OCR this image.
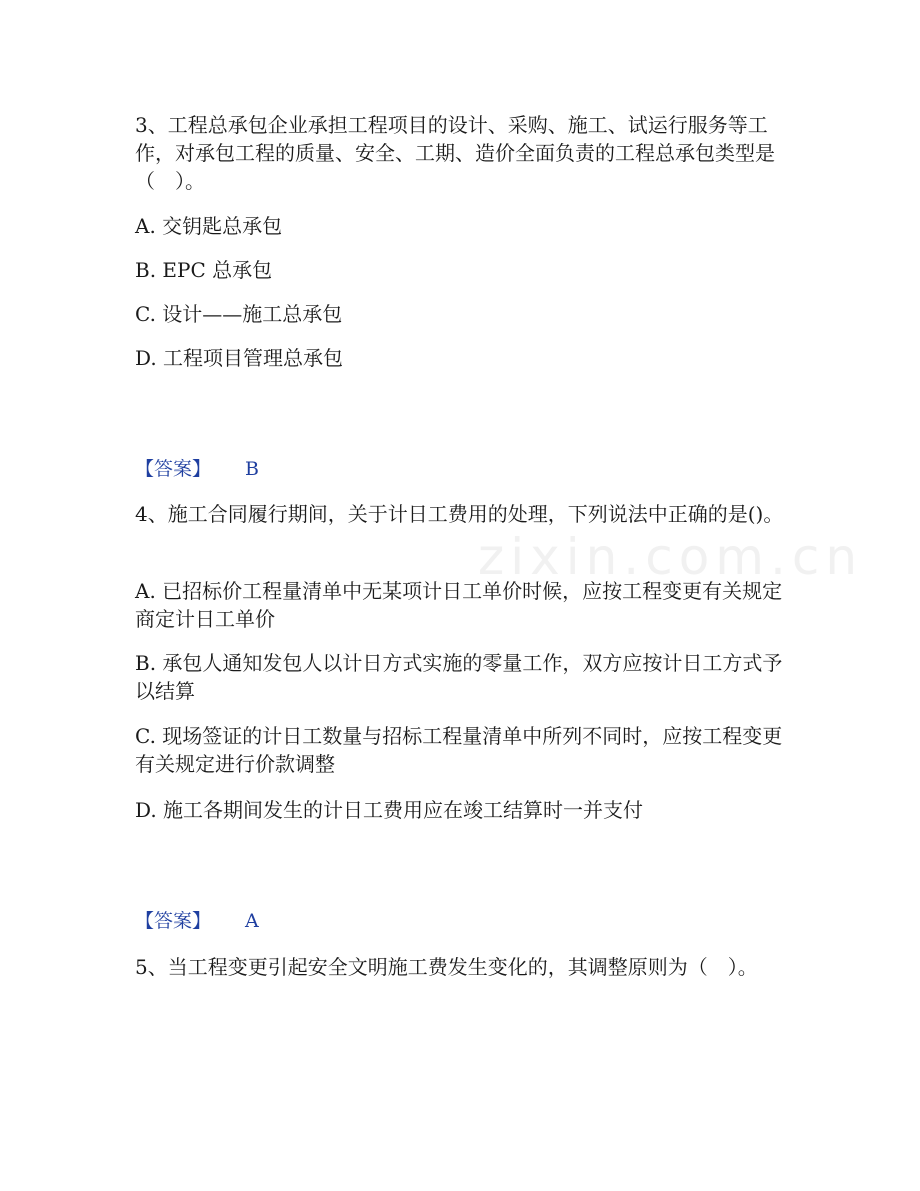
zixin.com.cn

3、工程总承包企业承担工程项目的设计、采购、施工、试运行服务等工作，对承包工程的质量、安全、工期、造价全面负责的工程总承包类型是（　）。

A. 交钥匙总承包

B. EPC 总承包

C. 设计——施工总承包

D. 工程项目管理总承包

【答案】 B

4、施工合同履行期间，关于计日工费用的处理，下列说法中正确的是()。

A. 已招标价工程量清单中无某项计日工单价时候，应按工程变更有关规定商定计日工单价

B. 承包人通知发包人以计日方式实施的零量工作，双方应按计日工方式予以结算

C. 现场签证的计日工数量与招标工程量清单中所列不同时，应按工程变更有关规定进行价款调整

D. 施工各期间发生的计日工费用应在竣工结算时一并支付

【答案】 A

5、当工程变更引起安全文明施工费发生变化的，其调整原则为（　）。
